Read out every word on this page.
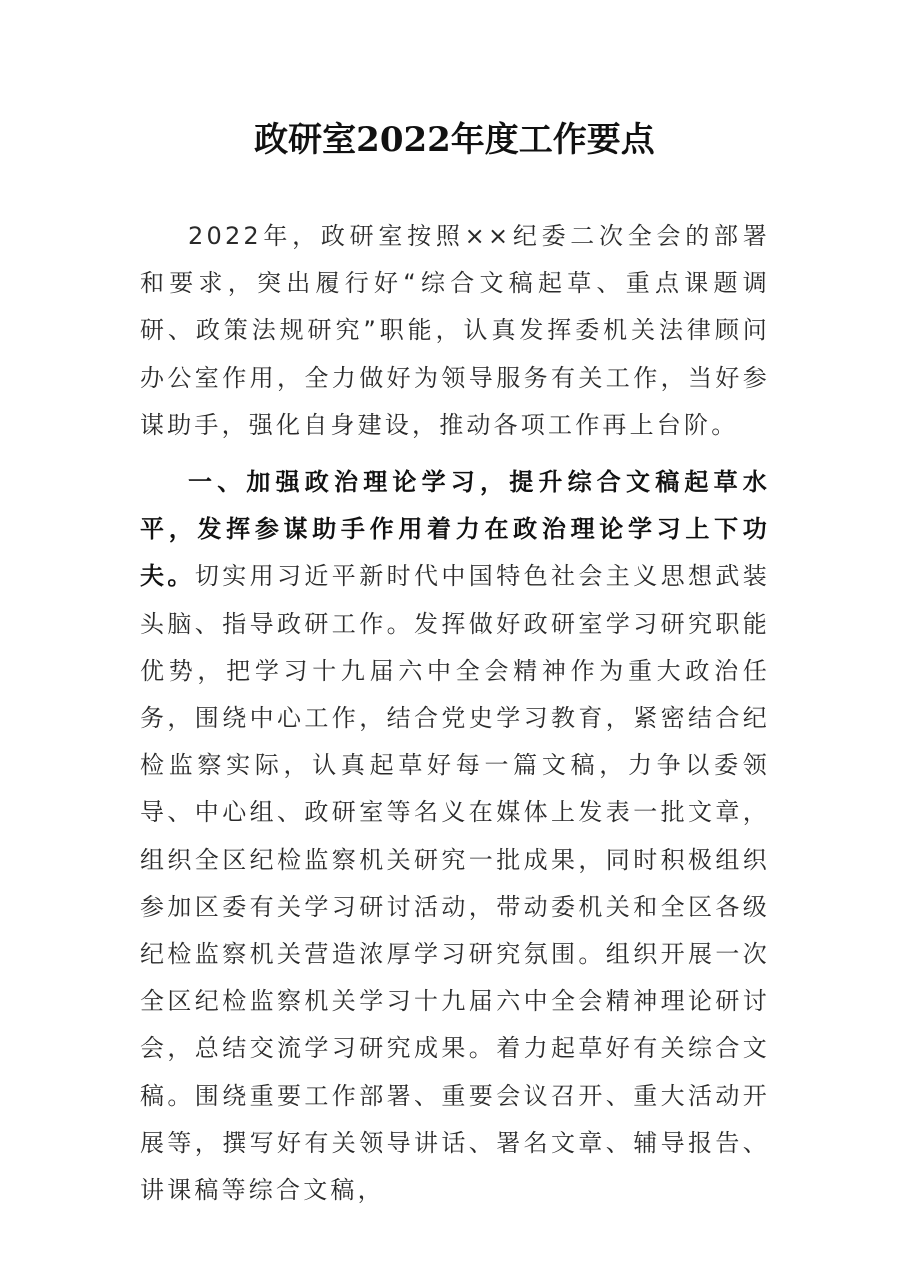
政研室2022年度工作要点

2022年，政研室按照××纪委二次全会的部署和要求，突出履行好“综合文稿起草、重点课题调研、政策法规研究”职能，认真发挥委机关法律顾问办公室作用，全力做好为领导服务有关工作，当好参谋助手，强化自身建设，推动各项工作再上台阶。

一、加强政治理论学习，提升综合文稿起草水平，发挥参谋助手作用着力在政治理论学习上下功夫。切实用习近平新时代中国特色社会主义思想武装头脑、指导政研工作。发挥做好政研室学习研究职能优势，把学习十九届六中全会精神作为重大政治任务，围绕中心工作，结合党史学习教育，紧密结合纪检监察实际，认真起草好每一篇文稿，力争以委领导、中心组、政研室等名义在媒体上发表一批文章，组织全区纪检监察机关研究一批成果，同时积极组织参加区委有关学习研讨活动，带动委机关和全区各级纪检监察机关营造浓厚学习研究氛围。组织开展一次全区纪检监察机关学习十九届六中全会精神理论研讨会，总结交流学习研究成果。着力起草好有关综合文稿。围绕重要工作部署、重要会议召开、重大活动开展等，撰写好有关领导讲话、署名文章、辅导报告、讲课稿等综合文稿，
